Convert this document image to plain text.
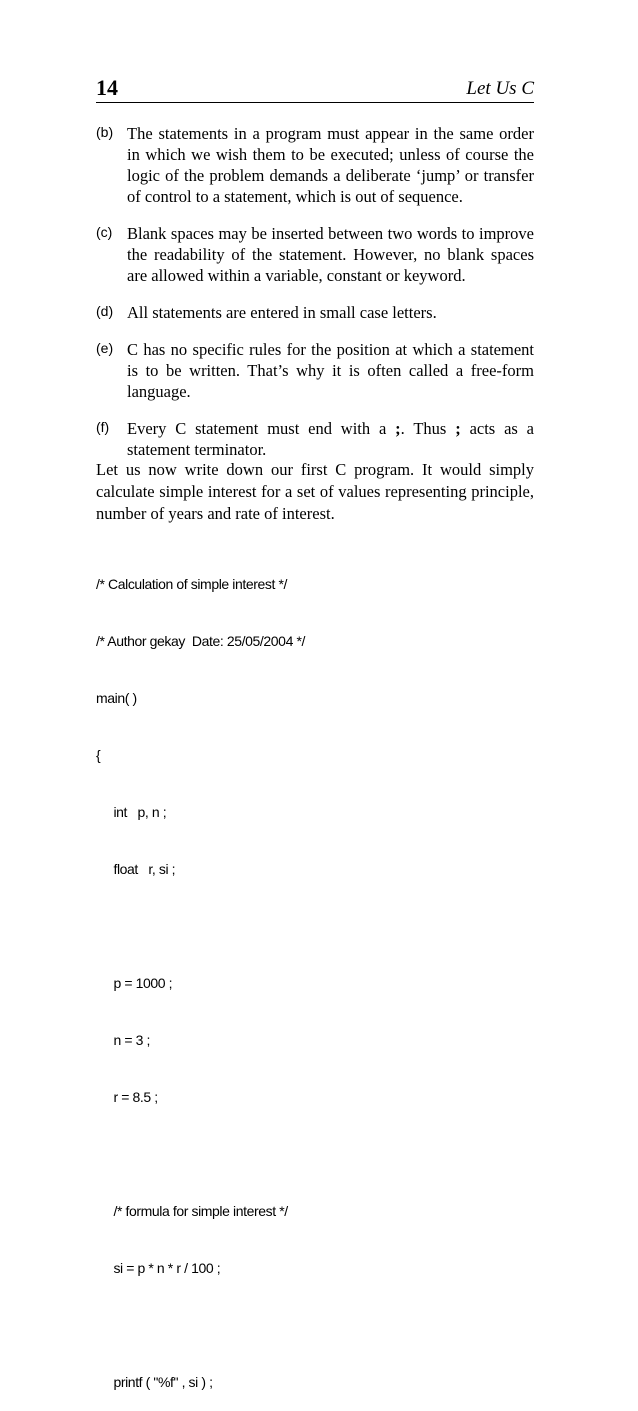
14	Let Us C
(b) The statements in a program must appear in the same order in which we wish them to be executed; unless of course the logic of the problem demands a deliberate ‘jump’ or transfer of control to a statement, which is out of sequence.
(c) Blank spaces may be inserted between two words to improve the readability of the statement. However, no blank spaces are allowed within a variable, constant or keyword.
(d) All statements are entered in small case letters.
(e) C has no specific rules for the position at which a statement is to be written. That’s why it is often called a free-form language.
(f) Every C statement must end with a ;. Thus ; acts as a statement terminator.

Let us now write down our first C program. It would simply calculate simple interest for a set of values representing principle, number of years and rate of interest.

/* Calculation of simple interest */

/* Author gekay  Date: 25/05/2004 */

main( )

{

int   p, n ;

float   r, si ;

p = 1000 ;

n = 3 ;

r = 8.5 ;

/* formula for simple interest */

si = p * n * r / 100 ;

printf ( "%f" , si ) ;
